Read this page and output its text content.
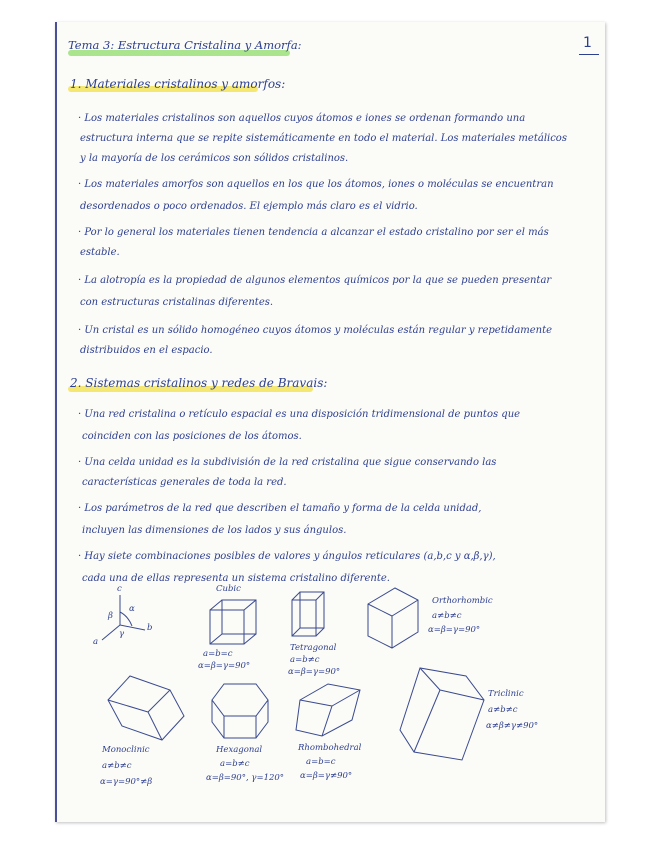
1
Tema 3: Estructura Cristalina y Amorfa:
1. Materiales cristalinos y amorfos:
· Los materiales cristalinos son aquellos cuyos átomos e iones se ordenan formando una
estructura interna que se repite sistemáticamente en todo el material. Los materiales metálicos
y la mayoría de los cerámicos son sólidos cristalinos.
· Los materiales amorfos son aquellos en los que los átomos, iones o moléculas se encuentran
desordenados o poco ordenados. El ejemplo más claro es el vidrio.
· Por lo general los materiales tienen tendencia a alcanzar el estado cristalino por ser el más
estable.
· La alotropía es la propiedad de algunos elementos químicos por la que se pueden presentar
con estructuras cristalinas diferentes.
· Un cristal es un sólido homogéneo cuyos átomos y moléculas están regular y repetidamente
distribuidos en el espacio.
2. Sistemas cristalinos y redes de Bravais:
· Una red cristalina o retículo espacial es una disposición tridimensional de puntos que
coinciden con las posiciones de los átomos.
· Una celda unidad es la subdivisión de la red cristalina que sigue conservando las
características generales de toda la red.
· Los parámetros de la red que describen el tamaño y forma de la celda unidad,
incluyen las dimensiones de los lados y sus ángulos.
· Hay siete combinaciones posibles de valores y ángulos reticulares (a,b,c y α,β,γ),
cada una de ellas representa un sistema cristalino diferente.
c
b
a
α
β
γ
Cubic
a=b=c
α=β=γ=90°
Tetragonal
a=b≠c
α=β=γ=90°
Orthorhombic
a≠b≠c
α=β=γ=90°
Monoclinic
a≠b≠c
α=γ=90°≠β
Hexagonal
a=b≠c
α=β=90°, γ=120°
Rhombohedral
a=b=c
α=β=γ≠90°
Triclinic
a≠b≠c
α≠β≠γ≠90°
